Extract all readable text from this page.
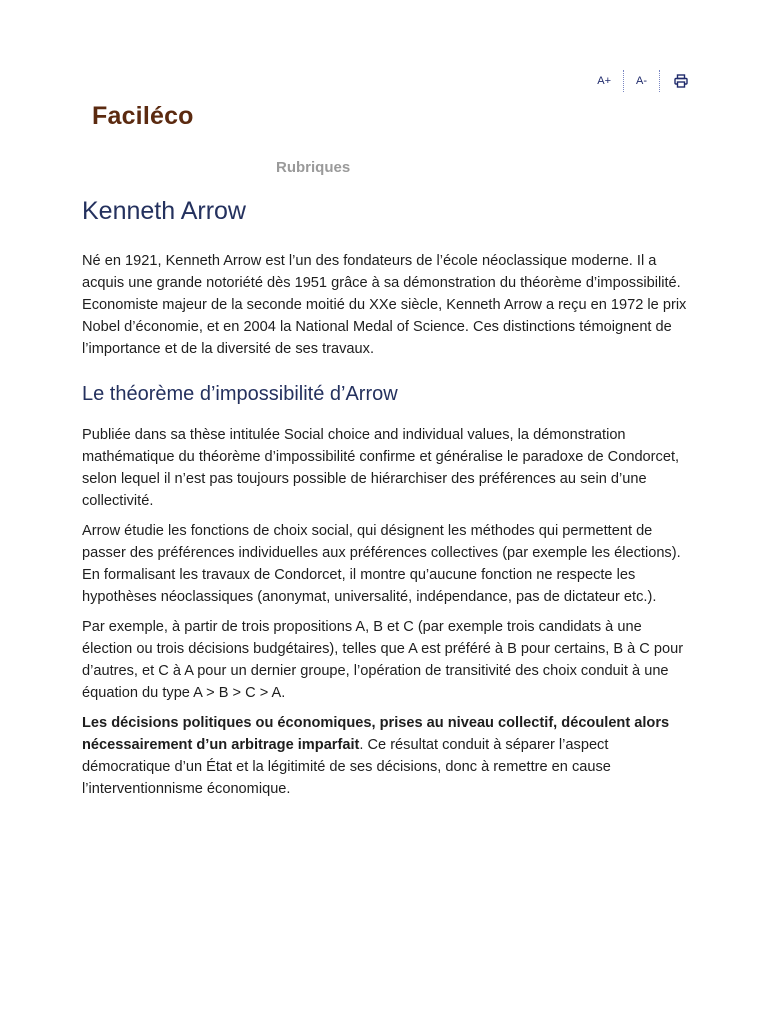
A+	A-
Faciléco
Rubriques
Kenneth Arrow

Né en 1921, Kenneth Arrow est l’un des fondateurs de l’école néoclassique moderne. Il a acquis une grande notoriété dès 1951 grâce à sa démonstration du théorème d’impossibilité.

Economiste majeur de la seconde moitié du XXe siècle, Kenneth Arrow a reçu en 1972 le prix Nobel d’économie, et en 2004 la National Medal of Science. Ces distinctions témoignent de l’importance et de la diversité de ses travaux.

Le théorème d’impossibilité d’Arrow

Publiée dans sa thèse intitulée Social choice and individual values, la démonstration mathématique du théorème d’impossibilité confirme et généralise le paradoxe de Condorcet, selon lequel il n’est pas toujours possible de hiérarchiser des préférences au sein d’une collectivité.

Arrow étudie les fonctions de choix social, qui désignent les méthodes qui permettent de passer des préférences individuelles aux préférences collectives (par exemple les élections). En formalisant les travaux de Condorcet, il montre qu’aucune fonction ne respecte les hypothèses néoclassiques (anonymat, universalité, indépendance, pas de dictateur etc.).

Par exemple, à partir de trois propositions A, B et C (par exemple trois candidats à une élection ou trois décisions budgétaires), telles que A est préféré à B pour certains, B à C pour d’autres, et C à A pour un dernier groupe, l’opération de transitivité des choix conduit à une équation du type A > B > C > A.

Les décisions politiques ou économiques, prises au niveau collectif, découlent alors nécessairement d’un arbitrage imparfait. Ce résultat conduit à séparer l’aspect démocratique d’un État et la légitimité de ses décisions, donc à remettre en cause l’interventionnisme économique.
